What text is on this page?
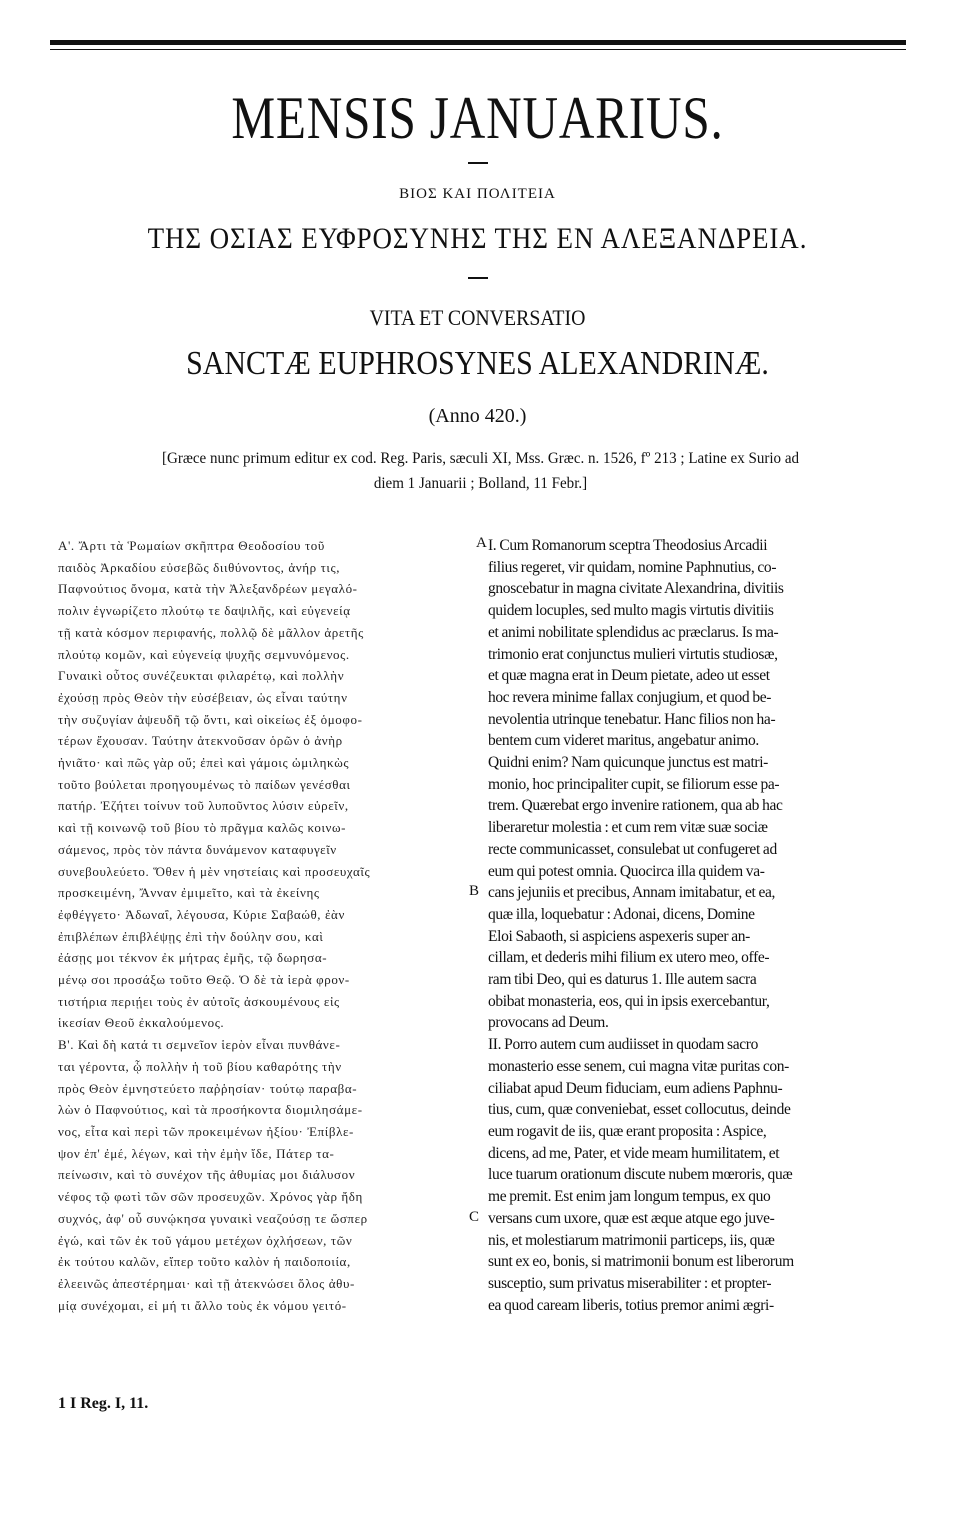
MENSIS JANUARIUS.
ΒΙΟΣ ΚΑΙ ΠΟΛΙΤΕΙΑ
ΤΗΣ ΟΣΙΑΣ ΕΥΦΡΟΣΥΝΗΣ ΤΗΣ ΕΝ ΑΛΕΞΑΝΔΡΕΙΑ.
VITA ET CONVERSATIO
SANCTÆ EUPHROSYNES ALEXANDRINÆ.
(Anno 420.)
[Græce nunc primum editur ex cod. Reg. Paris, sæculi XI, Mss. Græc. n. 1526, fº 213 ; Latine ex Surio ad
diem 1 Januarii ; Bolland, 11 Febr.]
Α'. Ἄρτι τὰ Ῥωμαίων σκῆπτρα Θεοδοσίου τοῦ
παιδὸς Ἀρκαδίου εὐσεβῶς διιθύνοντος, ἀνήρ τις,
Παφνούτιος ὄνομα, κατὰ τὴν Ἀλεξανδρέων μεγαλό-
πολιν ἐγνωρίζετο πλούτῳ τε δαψιλῆς, καὶ εὐγενείᾳ
τῇ κατὰ κόσμον περιφανής, πολλῷ δὲ μᾶλλον ἀρετῆς
πλούτῳ κομῶν, καὶ εὐγενείᾳ ψυχῆς σεμνυνόμενος.
Γυναικὶ οὗτος συνέζευκται φιλαρέτῳ, καὶ πολλὴν
ἐχούσῃ πρὸς Θεὸν τὴν εὐσέβειαν, ὡς εἶναι ταύτην
τὴν συζυγίαν ἀψευδῆ τῷ ὄντι, καὶ οἰκείως ἐξ ὁμοφο-
τέρων ἔχουσαν. Ταύτην ἀτεκνοῦσαν ὁρῶν ὁ ἀνὴρ
ἠνιᾶτο· καὶ πῶς γὰρ οὔ; ἐπεὶ καὶ γάμοις ὡμιληκὼς
τοῦτο βούλεται προηγουμένως τὸ παίδων γενέσθαι
πατήρ. Ἐζήτει τοίνυν τοῦ λυποῦντος λύσιν εὑρεῖν,
καὶ τῇ κοινωνῷ τοῦ βίου τὸ πρᾶγμα καλῶς κοινω-
σάμενος, πρὸς τὸν πάντα δυνάμενον καταφυγεῖν
συνεβουλεύετο. Ὅθεν ἡ μὲν νηστείαις καὶ προσευχαῖς
προσκειμένη, Ἄνναν ἐμιμεῖτο, καὶ τὰ ἐκείνης
ἐφθέγγετο· Ἀδωναΐ, λέγουσα, Κύριε Σαβαώθ, ἐὰν
ἐπιβλέπων ἐπιβλέψῃς ἐπὶ τὴν δούλην σου, καὶ
ἐάσῃς μοι τέκνον ἐκ μήτρας ἐμῆς, τῷ δωρησα-
μένῳ σοι προσάξω τοῦτο Θεῷ. Ὁ δὲ τὰ ἱερὰ φρον-
τιστήρια περιῄει τοὺς ἐν αὐτοῖς ἀσκουμένους εἰς
ἱκεσίαν Θεοῦ ἐκκαλούμενος.
Β'. Καὶ δὴ κατά τι σεμνεῖον ἱερὸν εἶναι πυνθάνε-
ται γέροντα, ᾧ πολλὴν ἡ τοῦ βίου καθαρότης τὴν
πρὸς Θεὸν ἐμνηστεύετο παῤῥησίαν· τούτῳ παραβα-
λὼν ὁ Παφνούτιος, καὶ τὰ προσήκοντα διομιλησάμε-
νος, εἶτα καὶ περὶ τῶν προκειμένων ἠξίου· Ἐπίβλε-
ψον ἐπ' ἐμέ, λέγων, καὶ τὴν ἐμὴν ἴδε, Πάτερ τα-
πείνωσιν, καὶ τὸ συνέχον τῆς ἀθυμίας μοι διάλυσον
νέφος τῷ φωτὶ τῶν σῶν προσευχῶν. Χρόνος γὰρ ἤδη
συχνός, ἀφ' οὗ συνῴκησα γυναικὶ νεαζούσῃ τε ὥσπερ
ἐγώ, καὶ τῶν ἐκ τοῦ γάμου μετέχων ὀχλήσεων, τῶν
ἐκ τούτου καλῶν, εἴπερ τοῦτο καλὸν ἡ παιδοποιία,
ἐλεεινῶς ἀπεστέρημαι· καὶ τῇ ἀτεκνώσει ὅλος ἀθυ-
μίᾳ συνέχομαι, εἰ μή τι ἄλλο τοὺς ἐκ νόμου γειτό-
I. Cum Romanorum sceptra Theodosius Arcadii
filius regeret, vir quidam, nomine Paphnutius, co-
gnoscebatur in magna civitate Alexandrina, divitiis
quidem locuples, sed multo magis virtutis divitiis
et animi nobilitate splendidus ac præclarus. Is ma-
trimonio erat conjunctus mulieri virtutis studiosæ,
et quæ magna erat in Deum pietate, adeo ut esset
hoc revera minime fallax conjugium, et quod be-
nevolentia utrinque tenebatur. Hanc filios non ha-
bentem cum videret maritus, angebatur animo.
Quidni enim? Nam quicunque junctus est matri-
monio, hoc principaliter cupit, se filiorum esse pa-
trem. Quærebat ergo invenire rationem, qua ab hac
liberaretur molestia : et cum rem vitæ suæ sociæ
recte communicasset, consulebat ut confugeret ad
eum qui potest omnia. Quocirca illa quidem va-
cans jejuniis et precibus, Annam imitabatur, et ea,
quæ illa, loquebatur : Adonai, dicens, Domine
Eloi Sabaoth, si aspiciens aspexeris super an-
cillam, et dederis mihi filium ex utero meo, offe-
ram tibi Deo, qui es daturus 1. Ille autem sacra
obibat monasteria, eos, qui in ipsis exercebantur,
provocans ad Deum.
II. Porro autem cum audiisset in quodam sacro
monasterio esse senem, cui magna vitæ puritas con-
ciliabat apud Deum fiduciam, eum adiens Paphnu-
tius, cum, quæ conveniebat, esset collocutus, deinde
eum rogavit de iis, quæ erant proposita : Aspice,
dicens, ad me, Pater, et vide meam humilitatem, et
luce tuarum orationum discute nubem mœroris, quæ
me premit. Est enim jam longum tempus, ex quo
versans cum uxore, quæ est æque atque ego juve-
nis, et molestiarum matrimonii particeps, iis, quæ
sunt ex eo, bonis, si matrimonii bonum est liberorum
susceptio, sum privatus miserabiliter : et propter-
ea quod caream liberis, totius premor animi ægri-
A
B
C
1 I Reg. I, 11.
